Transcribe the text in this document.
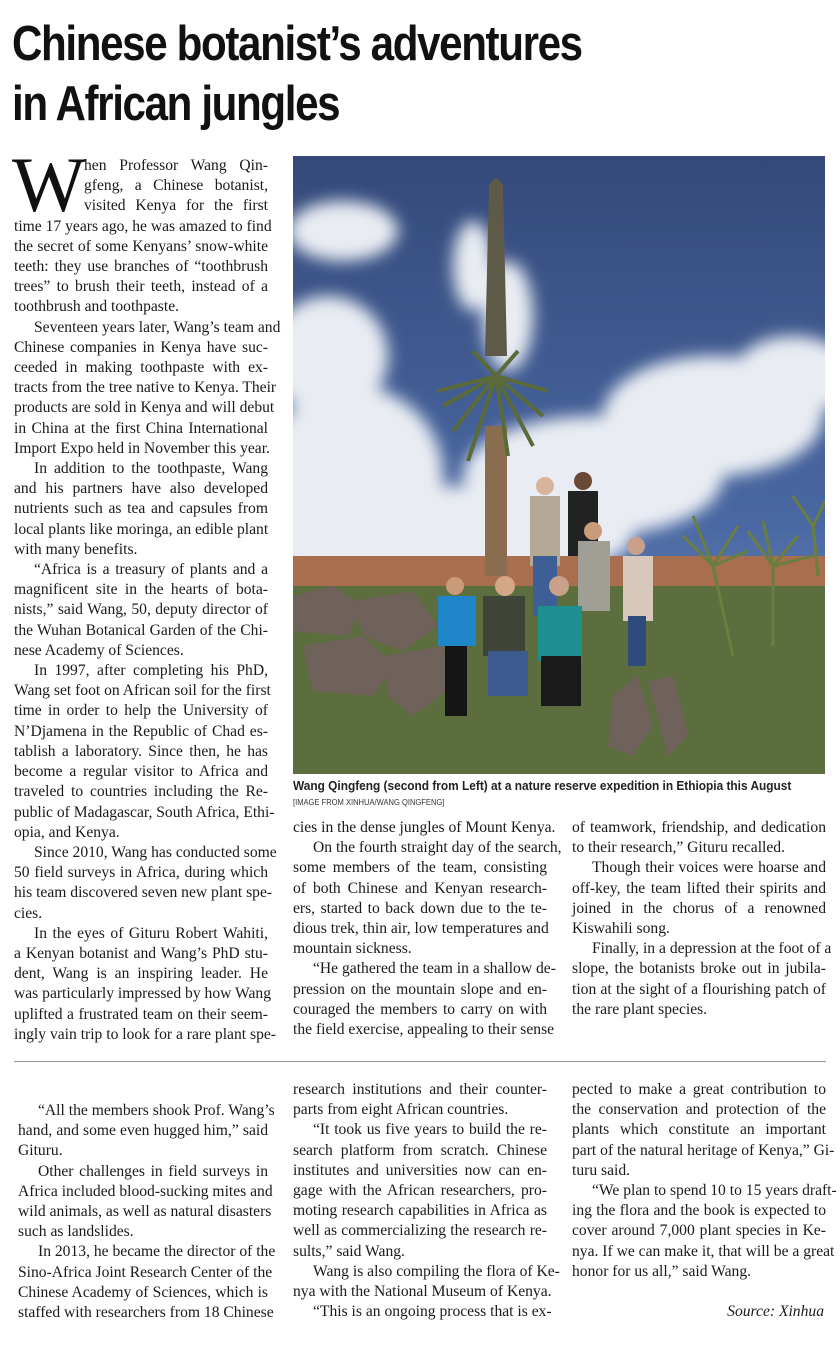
Chinese botanist’s adventures
in African jungles
W
hen Professor Wang Qin-
gfeng, a Chinese botanist,
visited Kenya for the first
time 17 years ago, he was amazed to find
the secret of some Kenyans’ snow-white
teeth: they use branches of “toothbrush
trees” to brush their teeth, instead of a
toothbrush and toothpaste.
Seventeen years later, Wang’s team and
Chinese companies in Kenya have suc-
ceeded in making toothpaste with ex-
tracts from the tree native to Kenya. Their
products are sold in Kenya and will debut
in China at the first China International
Import Expo held in November this year.
In addition to the toothpaste, Wang
and his partners have also developed
nutrients such as tea and capsules from
local plants like moringa, an edible plant
with many benefits.
“Africa is a treasury of plants and a
magnificent site in the hearts of bota-
nists,” said Wang, 50, deputy director of
the Wuhan Botanical Garden of the Chi-
nese Academy of Sciences.
In 1997, after completing his PhD,
Wang set foot on African soil for the first
time in order to help the University of
N’Djamena in the Republic of Chad es-
tablish a laboratory. Since then, he has
become a regular visitor to Africa and
traveled to countries including the Re-
public of Madagascar, South Africa, Ethi-
opia, and Kenya.
Since 2010, Wang has conducted some
50 field surveys in Africa, during which
his team discovered seven new plant spe-
cies.
In the eyes of Gituru Robert Wahiti,
a Kenyan botanist and Wang’s PhD stu-
dent, Wang is an inspiring leader. He
was particularly impressed by how Wang
uplifted a frustrated team on their seem-
ingly vain trip to look for a rare plant spe-
cies in the dense jungles of Mount Kenya.
On the fourth straight day of the search,
some members of the team, consisting
of both Chinese and Kenyan research-
ers, started to back down due to the te-
dious trek, thin air, low temperatures and
mountain sickness.
“He gathered the team in a shallow de-
pression on the mountain slope and en-
couraged the members to carry on with
the field exercise, appealing to their sense
of teamwork, friendship, and dedication
to their research,” Gituru recalled.
Though their voices were hoarse and
off-key, the team lifted their spirits and
joined in the chorus of a renowned
Kiswahili song.
Finally, in a depression at the foot of a
slope, the botanists broke out in jubila-
tion at the sight of a flourishing patch of
the rare plant species.
Wang Qingfeng (second from Left) at a nature reserve expedition in Ethiopia this August
[IMAGE FROM XINHUA/WANG QINGFENG]
“All the members shook Prof. Wang’s
hand, and some even hugged him,” said
Gituru.
Other challenges in field surveys in
Africa included blood-sucking mites and
wild animals, as well as natural disasters
such as landslides.
In 2013, he became the director of the
Sino-Africa Joint Research Center of the
Chinese Academy of Sciences, which is
staffed with researchers from 18 Chinese
research institutions and their counter-
parts from eight African countries.
“It took us five years to build the re-
search platform from scratch. Chinese
institutes and universities now can en-
gage with the African researchers, pro-
moting research capabilities in Africa as
well as commercializing the research re-
sults,” said Wang.
Wang is also compiling the flora of Ke-
nya with the National Museum of Kenya.
“This is an ongoing process that is ex-
pected to make a great contribution to
the conservation and protection of the
plants which constitute an important
part of the natural heritage of Kenya,” Gi-
turu said.
“We plan to spend 10 to 15 years draft-
ing the flora and the book is expected to
cover around 7,000 plant species in Ke-
nya. If we can make it, that will be a great
honor for us all,” said Wang.
Source: Xinhua
